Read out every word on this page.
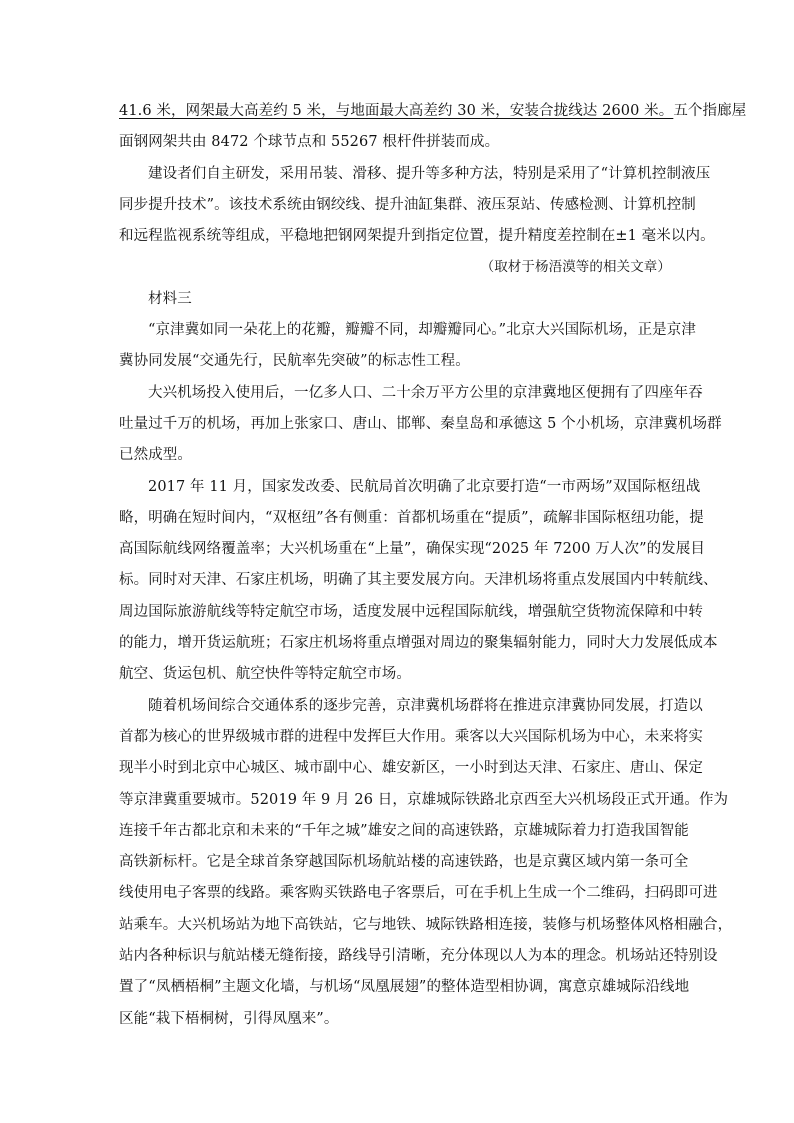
41.6 米，网架最大高差约 5 米，与地面最大高差约 30 米，安装合拢线达 2600 米。五个指廊屋
面钢网架共由 8472 个球节点和 55267 根杆件拼装而成。
建设者们自主研发，采用吊装、滑移、提升等多种方法，特别是采用了“计算机控制液压
同步提升技术”。该技术系统由钢绞线、提升油缸集群、液压泵站、传感检测、计算机控制
和远程监视系统等组成，平稳地把钢网架提升到指定位置，提升精度差控制在±1 毫米以内。
（取材于杨浯漠等的相关文章）
材料三
“京津冀如同一朵花上的花瓣，瓣瓣不同，却瓣瓣同心。”北京大兴国际机场，正是京津
冀协同发展“交通先行，民航率先突破”的标志性工程。
大兴机场投入使用后，一亿多人口、二十余万平方公里的京津冀地区便拥有了四座年吞
吐量过千万的机场，再加上张家口、唐山、邯郸、秦皇岛和承德这 5 个小机场，京津冀机场群
已然成型。
2017 年 11 月，国家发改委、民航局首次明确了北京要打造“一市两场”双国际枢纽战
略，明确在短时间内，“双枢纽”各有侧重：首都机场重在“提质”，疏解非国际枢纽功能，提
高国际航线网络覆盖率；大兴机场重在“上量”，确保实现“2025 年 7200 万人次”的发展目
标。同时对天津、石家庄机场，明确了其主要发展方向。天津机场将重点发展国内中转航线、
周边国际旅游航线等特定航空市场，适度发展中远程国际航线，增强航空货物流保障和中转
的能力，增开货运航班；石家庄机场将重点增强对周边的聚集辐射能力，同时大力发展低成本
航空、货运包机、航空快件等特定航空市场。
随着机场间综合交通体系的逐步完善，京津冀机场群将在推进京津冀协同发展，打造以
首都为核心的世界级城市群的进程中发挥巨大作用。乘客以大兴国际机场为中心，未来将实
现半小时到北京中心城区、城市副中心、雄安新区，一小时到达天津、石家庄、唐山、保定
等京津冀重要城市。52019 年 9 月 26 日，京雄城际铁路北京西至大兴机场段正式开通。作为
连接千年古都北京和未来的“千年之城”雄安之间的高速铁路，京雄城际着力打造我国智能
高铁新标杆。它是全球首条穿越国际机场航站楼的高速铁路，也是京冀区域内第一条可全
线使用电子客票的线路。乘客购买铁路电子客票后，可在手机上生成一个二维码，扫码即可进
站乘车。大兴机场站为地下高铁站，它与地铁、城际铁路相连接，装修与机场整体风格相融合，
站内各种标识与航站楼无缝衔接，路线导引清晰，充分体现以人为本的理念。机场站还特别设
置了“凤栖梧桐”主题文化墙，与机场“凤凰展翅”的整体造型相协调，寓意京雄城际沿线地
区能“栽下梧桐树，引得凤凰来”。
